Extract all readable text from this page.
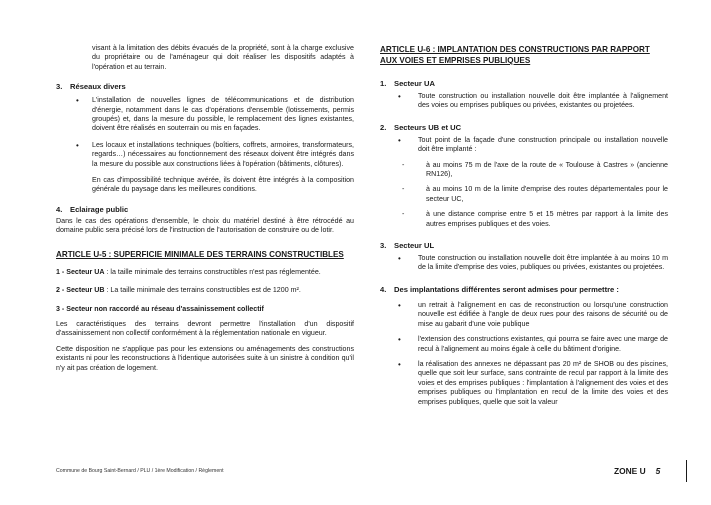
visant à la limitation des débits évacués de la propriété, sont à la charge exclusive du propriétaire ou de l'aménageur qui doit réaliser les dispositifs adaptés à l'opération et au terrain.

3.	Réseaux divers
• L'installation de nouvelles lignes de télécommunications et de distribution d'énergie, notamment dans le cas d'opérations d'ensemble (lotissements, permis groupés) et, dans la mesure du possible, le remplacement des lignes existantes, doivent être réalisés en souterrain ou mis en façades.
• Les locaux et installations techniques (boîtiers, coffrets, armoires, transformateurs, regards…) nécessaires au fonctionnement des réseaux doivent être intégrés dans la mesure du possible aux constructions liées à l'opération (bâtiments, clôtures).

En cas d'impossibilité technique avérée, ils doivent être intégrés à la composition générale du paysage dans les meilleures conditions.

4.	Eclairage public

Dans le cas des opérations d'ensemble, le choix du matériel destiné à être rétrocédé au domaine public sera précisé lors de l'instruction de l'autorisation de construire ou de lotir.

ARTICLE U-5 : SUPERFICIE MINIMALE DES TERRAINS CONSTRUCTIBLES

1 - Secteur UA : la taille minimale des terrains constructibles n'est pas réglementée.

2 - Secteur UB : La taille minimale des terrains constructibles est de 1200 m².

3 - Secteur non raccordé au réseau d'assainissement collectif

Les caractéristiques des terrains devront permettre l'installation d'un dispositif d'assainissement non collectif conformément à la réglementation nationale en vigueur.

Cette disposition ne s'applique pas pour les extensions ou aménagements des constructions existants ni pour les reconstructions à l'identique autorisées suite à un sinistre à condition qu'il n'y ait pas création de logement.

ARTICLE U-6 : IMPLANTATION DES CONSTRUCTIONS PAR RAPPORT AUX VOIES ET EMPRISES PUBLIQUES
1.	Secteur UA
• Toute construction ou installation nouvelle doit être implantée à l'alignement des voies ou emprises publiques ou privées, existantes ou projetées.
2.	Secteurs UB et UC
• Tout point de la façade d'une construction principale ou installation nouvelle doit être implanté :
- à au moins 75 m de l'axe de la route de « Toulouse à Castres » (ancienne RN126),
- à au moins 10 m de la limite d'emprise des routes départementales pour le secteur UC,
- à une distance comprise entre 5 et 15 mètres par rapport à la limite des autres emprises publiques et des voies.
3.	Secteur UL
• Toute construction ou installation nouvelle doit être implantée à au moins 10 m de la limite d'emprise des voies, publiques ou privées, existantes ou projetées.
4.	Des implantations différentes seront admises pour permettre :
• un retrait à l'alignement en cas de reconstruction ou lorsqu'une construction nouvelle est édifiée à l'angle de deux rues pour des raisons de sécurité ou de mise au gabarit d'une voie publique
• l'extension des constructions existantes, qui pourra se faire avec une marge de recul à l'alignement au moins égale à celle du bâtiment d'origine.
• la réalisation des annexes ne dépassant pas 20 m² de SHOB ou des piscines, quelle que soit leur surface, sans contrainte de recul par rapport à la limite des voies et des emprises publiques : l'implantation à l'alignement des voies et des emprises publiques ou l'implantation en recul de la limite des voies et des emprises publiques, quelle que soit la valeur
Commune de Bourg Saint-Bernard / PLU / 1ère Modification / Règlement	ZONE U 5
